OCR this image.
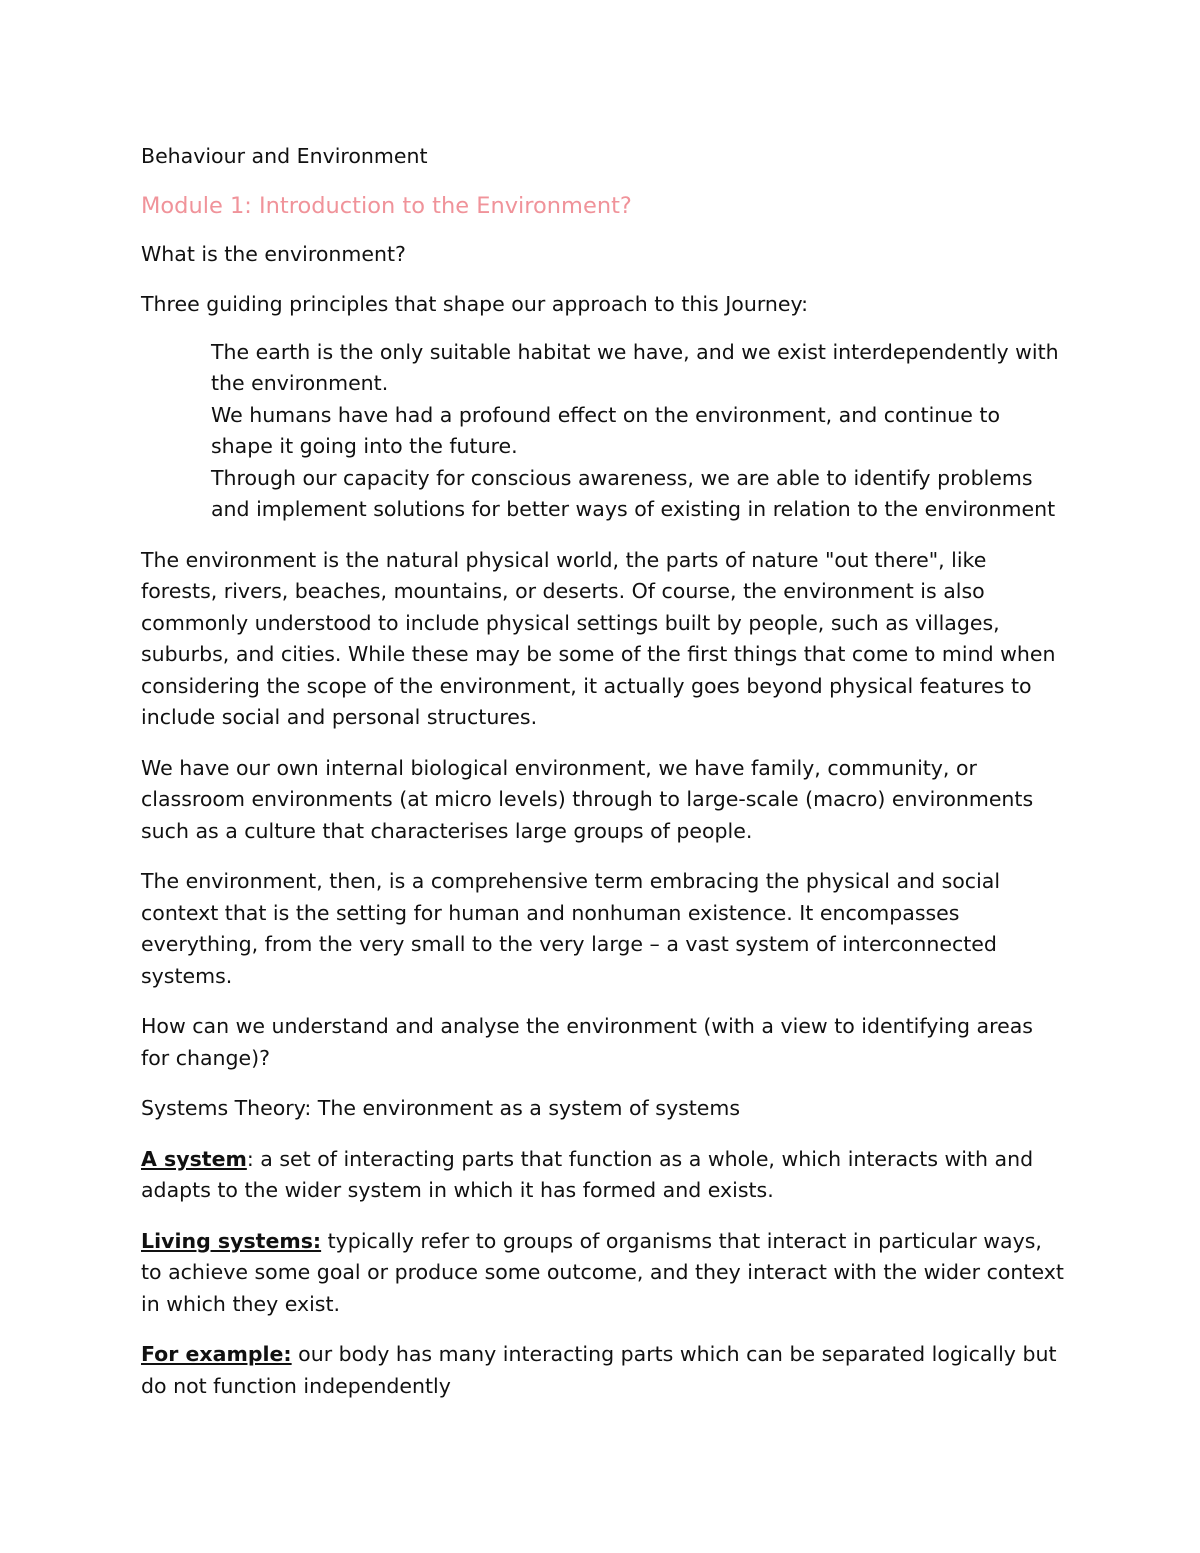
Behaviour and Environment

Module 1: Introduction to the Environment?

What is the environment?

Three guiding principles that shape our approach to this Journey:

The earth is the only suitable habitat we have, and we exist interdependently with the environment.
We humans have had a profound effect on the environment, and continue to shape it going into the future.
Through our capacity for conscious awareness, we are able to identify problems and implement solutions for better ways of existing in relation to the environment

The environment is the natural physical world, the parts of nature "out there", like forests, rivers, beaches, mountains, or deserts. Of course, the environment is also commonly understood to include physical settings built by people, such as villages, suburbs, and cities. While these may be some of the first things that come to mind when considering the scope of the environment, it actually goes beyond physical features to include social and personal structures.

We have our own internal biological environment, we have family, community, or classroom environments (at micro levels) through to large-scale (macro) environments such as a culture that characterises large groups of people.

The environment, then, is a comprehensive term embracing the physical and social context that is the setting for human and nonhuman existence. It encompasses everything, from the very small to the very large – a vast system of interconnected systems.

How can we understand and analyse the environment (with a view to identifying areas for change)?

Systems Theory: The environment as a system of systems

A system: a set of interacting parts that function as a whole, which interacts with and adapts to the wider system in which it has formed and exists.

Living systems: typically refer to groups of organisms that interact in particular ways, to achieve some goal or produce some outcome, and they interact with the wider context in which they exist.

For example: our body has many interacting parts which can be separated logically but do not function independently
